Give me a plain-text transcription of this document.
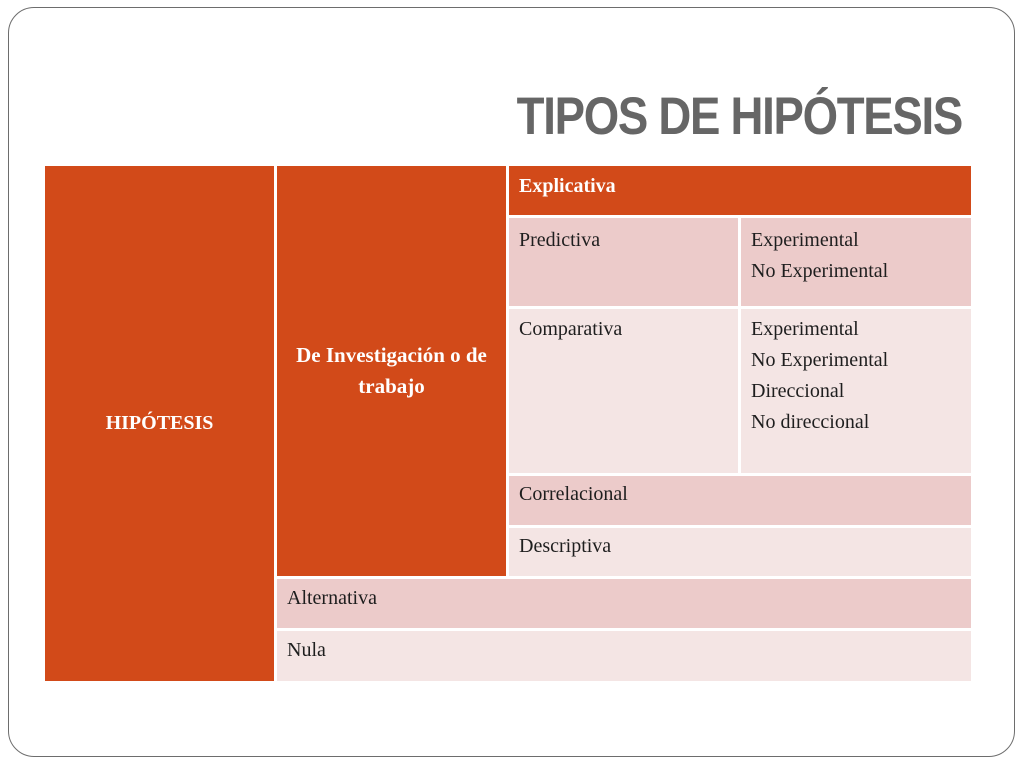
TIPOS DE HIPÓTESIS
HIPÓTESIS
De Investigación o de trabajo
Explicativa
Predictiva	Experimental
No Experimental
Comparativa	Experimental
No Experimental
Direccional
No direccional
Correlacional
Descriptiva
Alternativa
Nula
